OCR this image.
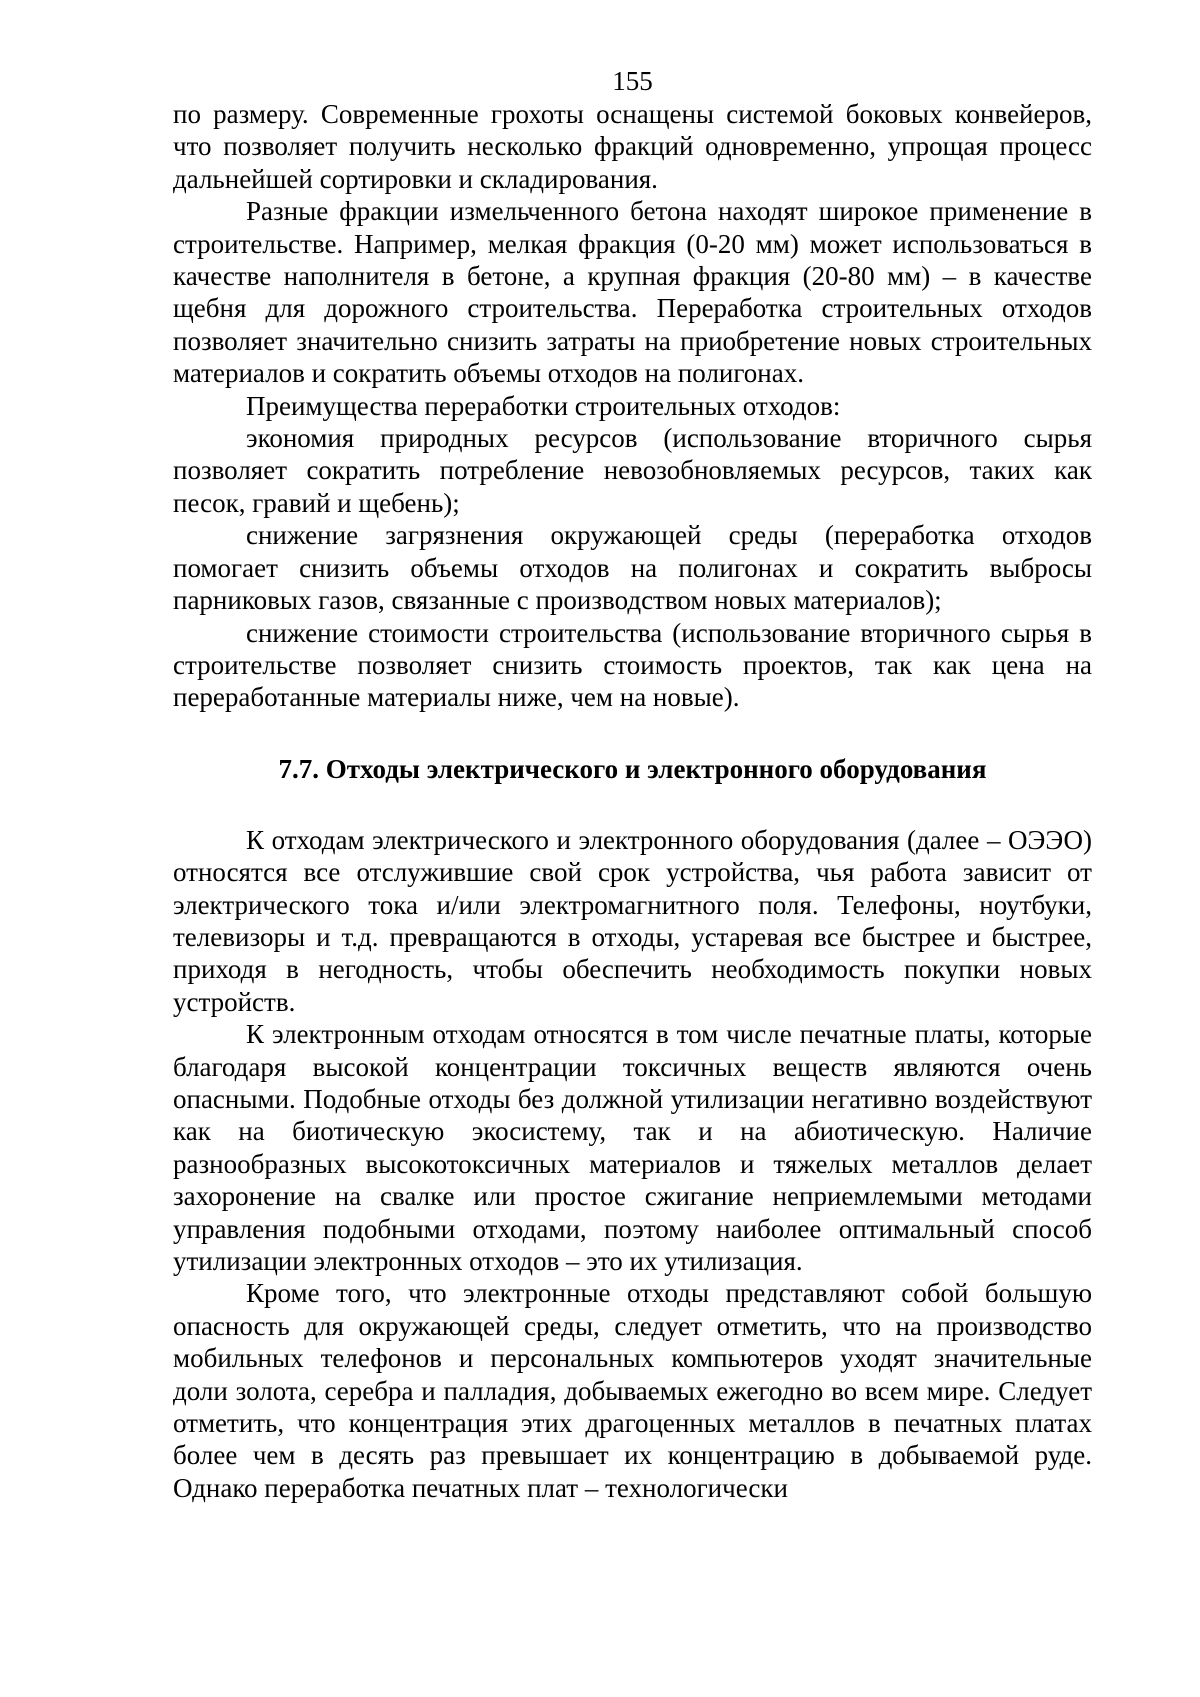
155

по размеру. Современные грохоты оснащены системой боковых конвейеров, что позволяет получить несколько фракций одновременно, упрощая процесс дальнейшей сортировки и складирования.

Разные фракции измельченного бетона находят широкое применение в строительстве. Например, мелкая фракция (0-20 мм) может использоваться в качестве наполнителя в бетоне, а крупная фракция (20-80 мм) – в качестве щебня для дорожного строительства. Переработка строительных отходов позволяет значительно снизить затраты на приобретение новых строительных материалов и сократить объемы отходов на полигонах.

Преимущества переработки строительных отходов:

экономия природных ресурсов (использование вторичного сырья позволяет сократить потребление невозобновляемых ресурсов, таких как песок, гравий и щебень);

снижение загрязнения окружающей среды (переработка отходов помогает снизить объемы отходов на полигонах и сократить выбросы парниковых газов, связанные с производством новых материалов);

снижение стоимости строительства (использование вторичного сырья в строительстве позволяет снизить стоимость проектов, так как цена на переработанные материалы ниже, чем на новые).

7.7. Отходы электрического и электронного оборудования

К отходам электрического и электронного оборудования (далее – ОЭЭО) относятся все отслужившие свой срок устройства, чья работа зависит от электрического тока и/или электромагнитного поля. Телефоны, ноутбуки, телевизоры и т.д. превращаются в отходы, устаревая все быстрее и быстрее, приходя в негодность, чтобы обеспечить необходимость покупки новых устройств.

К электронным отходам относятся в том числе печатные платы, которые благодаря высокой концентрации токсичных веществ являются очень опасными. Подобные отходы без должной утилизации негативно воздействуют как на биотическую экосистему, так и на абиотическую. Наличие разнообразных высокотоксичных материалов и тяжелых металлов делает захоронение на свалке или простое сжигание неприемлемыми методами управления подобными отходами, поэтому наиболее оптимальный способ утилизации электронных отходов – это их утилизация.

Кроме того, что электронные отходы представляют собой большую опасность для окружающей среды, следует отметить, что на производство мобильных телефонов и персональных компьютеров уходят значительные доли золота, серебра и палладия, добываемых ежегодно во всем мире. Следует отметить, что концентрация этих драгоценных металлов в печатных платах более чем в десять раз превышает их концентрацию в добываемой руде. Однако переработка печатных плат – технологически
